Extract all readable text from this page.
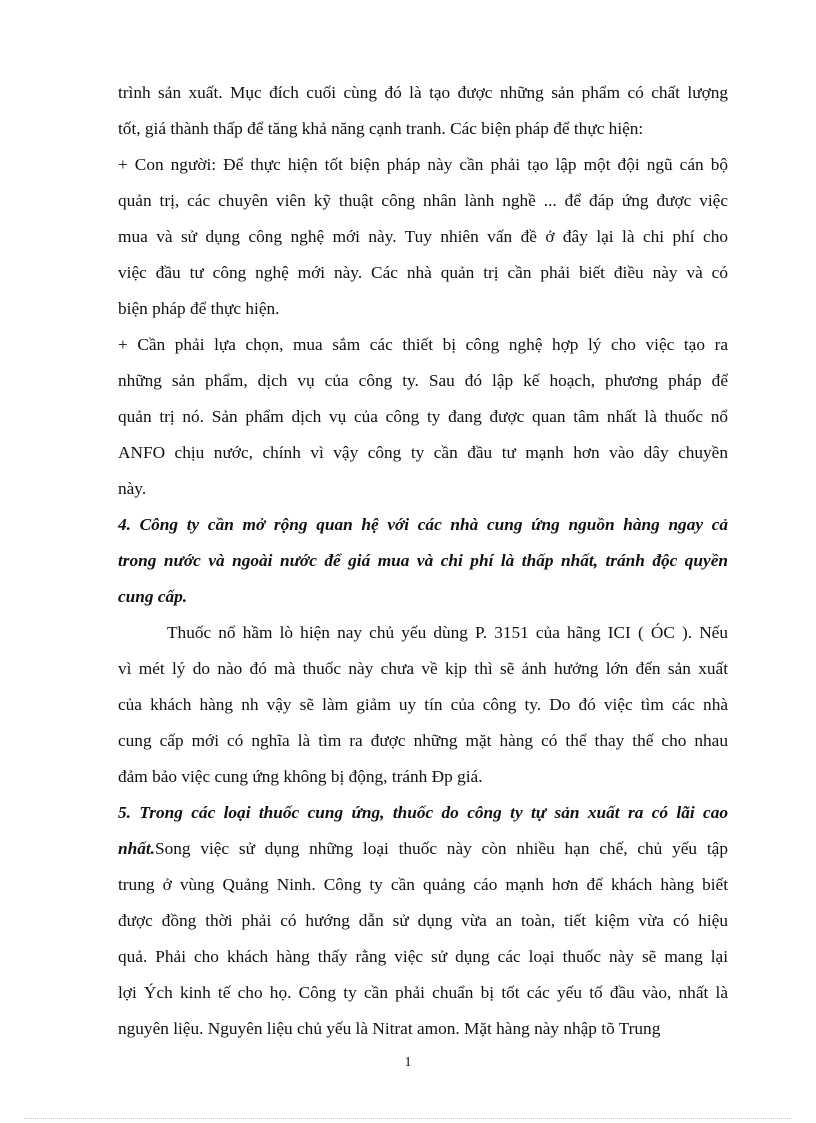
trình sản xuất. Mục đích cuối cùng đó là tạo được những sản phẩm có chất lượng
tốt, giá thành thấp để tăng khả năng cạnh tranh. Các biện pháp để thực hiện:
+ Con người: Để thực hiện tốt biện pháp này cần phải tạo lập một đội ngũ cán bộ
quản trị, các chuyên viên kỹ thuật công nhân lành nghề ... để đáp ứng được việc
mua và sử dụng công nghệ mới này. Tuy nhiên vấn đề ở đây lại là chi phí cho
việc đầu tư công nghệ mới này. Các nhà quản trị cần phải biết điều này và có
biện pháp để thực hiện.
+ Cần phải lựa chọn, mua sắm các thiết bị công nghệ hợp lý cho việc tạo ra
những sản phẩm, dịch vụ của công ty. Sau đó lập kế hoạch, phương pháp để
quản trị nó. Sản phẩm dịch vụ của công ty đang được quan tâm nhất là thuốc nổ
ANFO chịu nước, chính vì vậy công ty cần đầu tư mạnh hơn vào dây chuyền
này.
4. Công ty cần mở rộng quan hệ với các nhà cung ứng nguồn hàng ngay cả
trong nước và ngoài nước để giá mua và chi phí là thấp nhất, tránh độc quyền
cung cấp.
Thuốc nổ hầm lò hiện nay chủ yếu dùng P. 3151 của hãng ICI ( ÓC ). Nếu
vì mét lý do nào đó mà thuốc này chưa về kịp thì sẽ ảnh hưởng lớn đến sản xuất
của khách hàng nh vậy sẽ làm giảm uy tín của công ty. Do đó việc tìm các nhà
cung cấp mới có nghĩa là tìm ra được những mặt hàng có thể thay thế cho nhau
đảm bảo việc cung ứng không bị động, tránh Ðp giá.
5. Trong các loại thuốc cung ứng, thuốc do công ty tự sản xuất ra có lãi cao
nhất. Song việc sử dụng những loại thuốc này còn nhiều hạn chế, chủ yếu tập
trung ở vùng Quảng Ninh. Công ty cần quảng cáo mạnh hơn để khách hàng biết
được đồng thời phải có hướng dẫn sử dụng vừa an toàn, tiết kiệm vừa có hiệu
quả. Phải cho khách hàng thấy rằng việc sử dụng các loại thuốc này sẽ mang lại
lợi Ých kinh tế cho họ. Công ty cần phải chuẩn bị tốt các yếu tố đầu vào, nhất là
nguyên liệu. Nguyên liệu chủ yếu là Nitrat amon. Mặt hàng này nhập tõ Trung
1
